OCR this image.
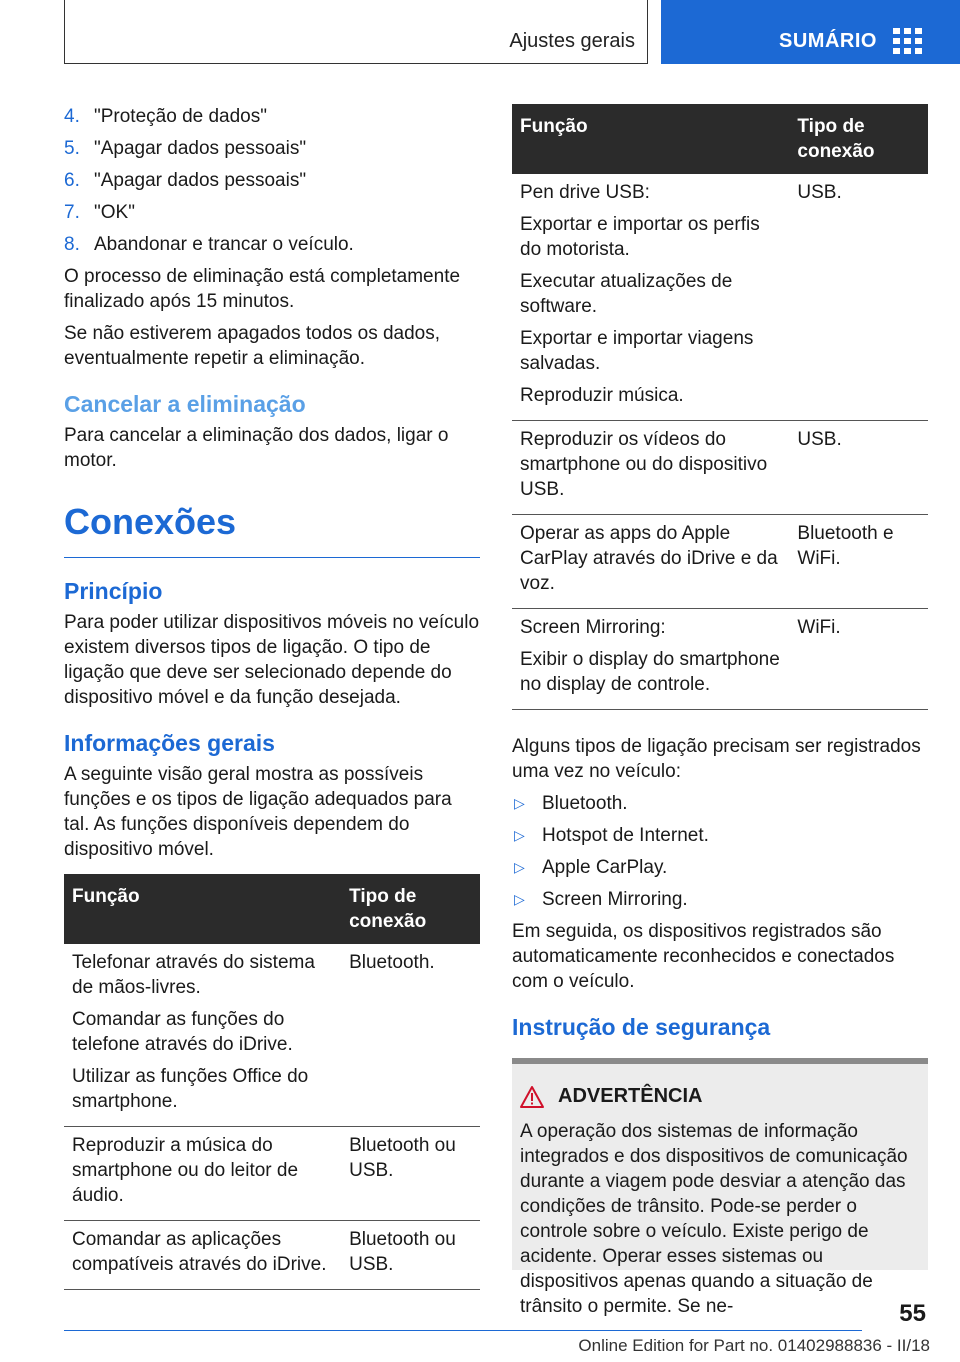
Ajustes gerais	SUMÁRIO
4. "Proteção de dados"
5. "Apagar dados pessoais"
6. "Apagar dados pessoais"
7. "OK"
8. Abandonar e trancar o veículo.

O processo de eliminação está completamente finalizado após 15 minutos.

Se não estiverem apagados todos os dados, eventualmente repetir a eliminação.

Cancelar a eliminação

Para cancelar a eliminação dos dados, ligar o motor.

Conexões
Princípio

Para poder utilizar dispositivos móveis no veículo existem diversos tipos de ligação. O tipo de ligação que deve ser selecionado depende do dispositivo móvel e da função desejada.

Informações gerais

A seguinte visão geral mostra as possíveis funções e os tipos de ligação adequados para tal. As funções disponíveis dependem do dispositivo móvel.

Função	Tipo de conexão

Telefonar através do sistema de mãos-livres.

Comandar as funções do telefone através do iDrive.

Utilizar as funções Office do smartphone.	Bluetooth.

Reproduzir a música do smartphone ou do leitor de áudio.	Bluetooth ou USB.

Comandar as aplicações compatíveis através do iDrive.	Bluetooth ou USB.
Função	Tipo de conexão

Pen drive USB:

Exportar e importar os perfis do motorista.

Executar atualizações de software.

Exportar e importar viagens salvadas.

Reproduzir música.	USB.

Reproduzir os vídeos do smartphone ou do dispositivo USB.	USB.

Operar as apps do Apple CarPlay através do iDrive e da voz.	Bluetooth e WiFi.

Screen Mirroring:

Exibir o display do smartphone no display de controle.	WiFi.

Alguns tipos de ligação precisam ser registrados uma vez no veículo:

▷ Bluetooth.
▷ Hotspot de Internet.
▷ Apple CarPlay.
▷ Screen Mirroring.

Em seguida, os dispositivos registrados são automaticamente reconhecidos e conectados com o veículo.

Instrução de segurança
ADVERTÊNCIA

A operação dos sistemas de informação integrados e dos dispositivos de comunicação durante a viagem pode desviar a atenção das condições de trânsito. Pode-se perder o controle sobre o veículo. Existe perigo de acidente. Operar esses sistemas ou dispositivos apenas quando a situação de trânsito o permite. Se ne-	55
Online Edition for Part no. 01402988836 - II/18
